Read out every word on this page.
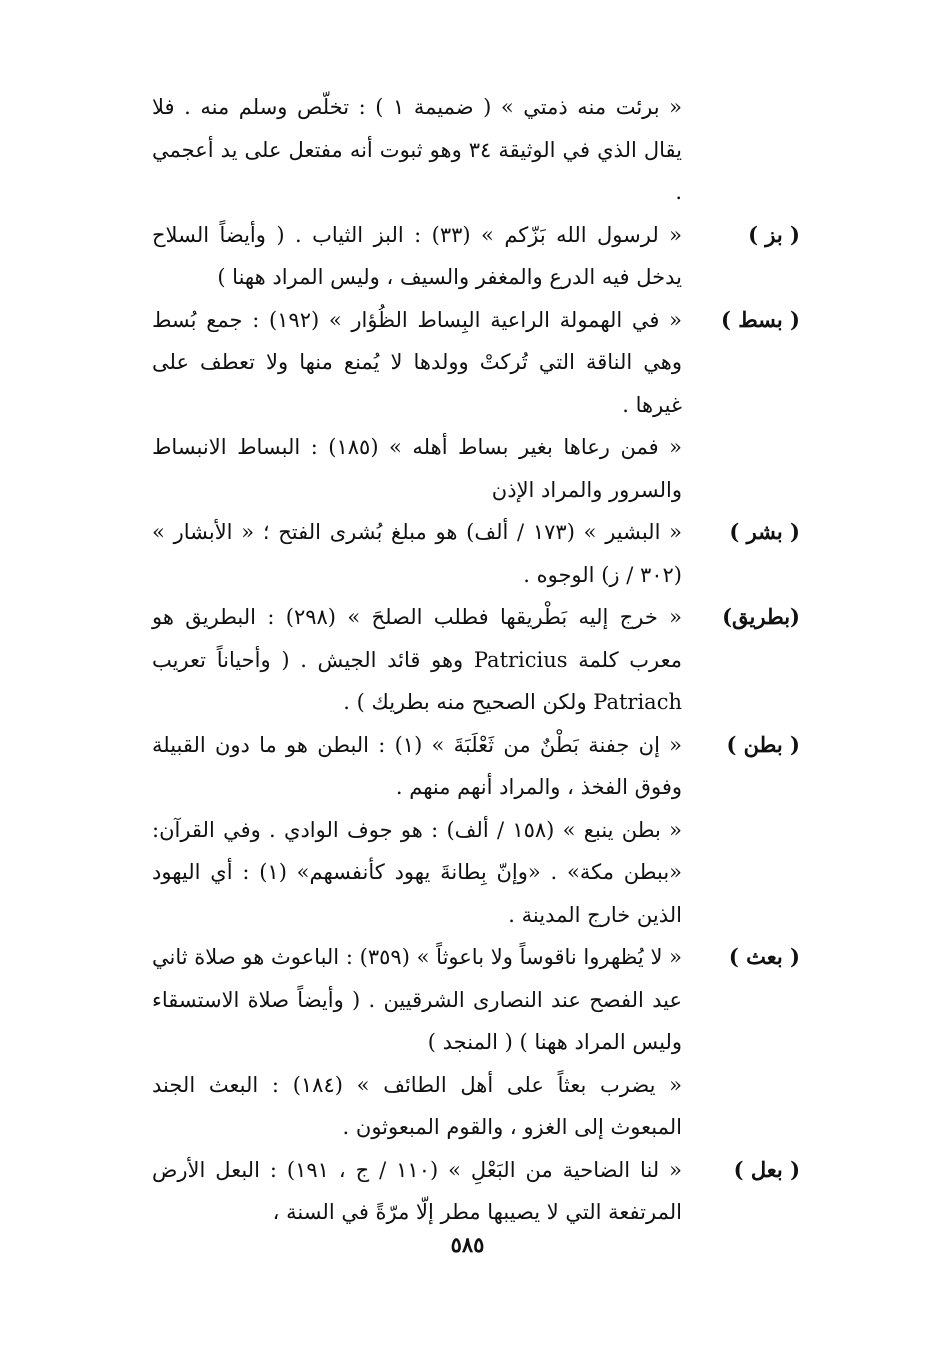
« برئت منه ذمتي » ( ضميمة ١ ) : تخلّص وسلم منه . فلا يقال الذي في الوثيقة ٣٤ وهو ثبوت أنه مفتعل على يد أعجمي .

( بز )

« لرسول الله بَزّكم » (٣٣) : البز الثياب . ( وأيضاً السلاح يدخل فيه الدرع والمغفر والسيف ، وليس المراد ههنا )

( بسط )

« في الهمولة الراعية البِساط الظُؤار » (١٩٢) : جمع بُسط وهي الناقة التي تُركتْ وولدها لا يُمنع منها ولا تعطف على غيرها .

« فمن رعاها بغير بساط أهله » (١٨٥) : البساط الانبساط والسرور والمراد الإذن

( بشر )

« البشير » (١٧٣ / ألف) هو مبلغ بُشرى الفتح ؛ « الأبشار » (٣٠٢ / ز) الوجوه .

(بطريق)

« خرج إليه بَطْريقها فطلب الصلحَ » (٢٩٨) : البطريق هو معرب كلمة Patricius وهو قائد الجيش . ( وأحياناً تعريب Patriach ولكن الصحيح منه بطريك ) .

( بطن )

« إن جفنة بَطْنٌ من ثَعْلَبَةَ » (١) : البطن هو ما دون القبيلة وفوق الفخذ ، والمراد أنهم منهم .

« بطن ينبع » (١٥٨ / ألف) : هو جوف الوادي . وفي القرآن: «ببطن مكة» . «وإنّ بِطانةَ يهود كأنفسهم» (١) : أي اليهود الذين خارج المدينة .

( بعث )

« لا يُظهروا ناقوساً ولا باعوثاً » (٣٥٩) : الباعوث هو صلاة ثاني عيد الفصح عند النصارى الشرقيين . ( وأيضاً صلاة الاستسقاء وليس المراد ههنا ) ( المنجد )

« يضرب بعثاً على أهل الطائف » (١٨٤) : البعث الجند المبعوث إلى الغزو ، والقوم المبعوثون .

( بعل )

« لنا الضاحية من البَعْلِ » (١١٠ / ج ، ١٩١) : البعل الأرض المرتفعة التي لا يصيبها مطر إلّا مرّةً في السنة ،

٥٨٥
